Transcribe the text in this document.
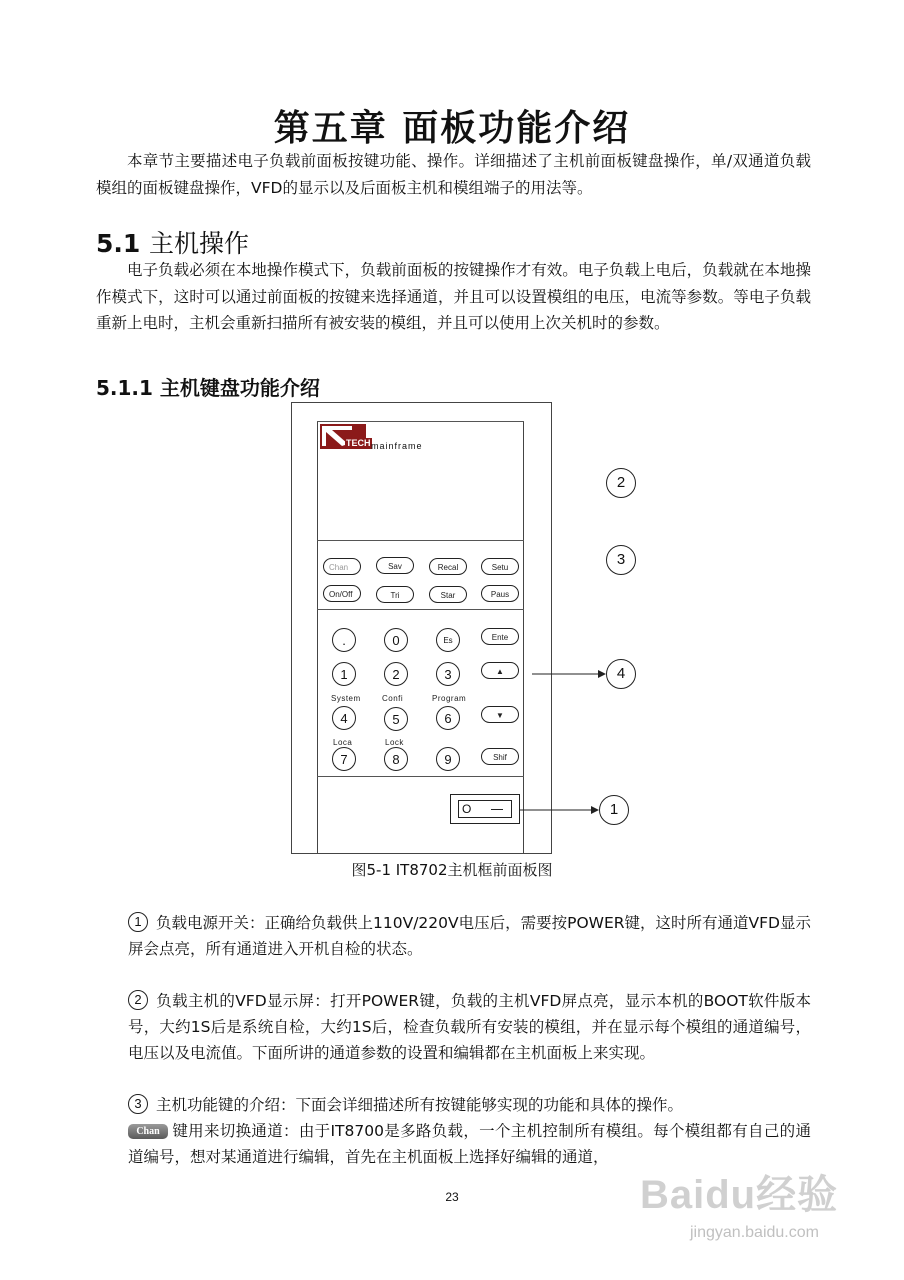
第五章 面板功能介绍
本章节主要描述电子负载前面板按键功能、操作。详细描述了主机前面板键盘操作，单/双通道负载模组的面板键盘操作，VFD的显示以及后面板主机和模组端子的用法等。
5.1 主机操作
电子负载必须在本地操作模式下，负载前面板的按键操作才有效。电子负载上电后，负载就在本地操作模式下，这时可以通过前面板的按键来选择通道，并且可以设置模组的电压，电流等参数。等电子负载重新上电时，主机会重新扫描所有被安装的模组，并且可以使用上次关机时的参数。
5.1.1 主机键盘功能介绍
TECH mainframe
Chan	Sav	Recal	Setu
On/Off	Tri	Star	Paus
.	0	Es	Ente
1	2	3	▲
System	Confi	Program
4	5	6	▼
Loca	Lock
7	8	9	Shif
O
2
3
4
1
图5-1 IT8702主机框前面板图
1 负载电源开关：正确给负载供上110V/220V电压后，需要按POWER键，这时所有通道VFD显示屏会点亮，所有通道进入开机自检的状态。
2 负载主机的VFD显示屏：打开POWER键，负载的主机VFD屏点亮，显示本机的BOOT软件版本号，大约1S后是系统自检，大约1S后，检查负载所有安装的模组，并在显示每个模组的通道编号，电压以及电流值。下面所讲的通道参数的设置和编辑都在主机面板上来实现。
3 主机功能键的介绍：下面会详细描述所有按键能够实现的功能和具体的操作。
Chan 键用来切换通道：由于IT8700是多路负载，一个主机控制所有模组。每个模组都有自己的通道编号，想对某通道进行编辑，首先在主机面板上选择好编辑的通道，
23	Baidu经验
jingyan.baidu.com
